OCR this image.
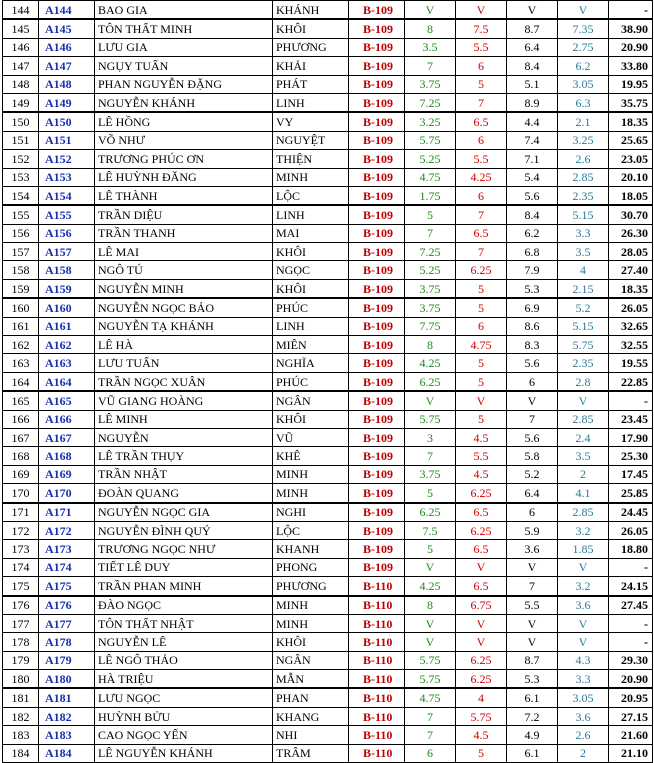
144	A144	BAO GIA	KHÁNH	B-109	V	V	V	V	-
145	A145	TÔN THẤT MINH	KHÔI	B-109	8	7.5	8.7	7.35	38.90
146	A146	LƯU GIA	PHƯƠNG	B-109	3.5	5.5	6.4	2.75	20.90
147	A147	NGỤY TUẤN	KHẢI	B-109	7	6	8.4	6.2	33.80
148	A148	PHAN NGUYỄN ĐẶNG	PHÁT	B-109	3.75	5	5.1	3.05	19.95
149	A149	NGUYỄN KHÁNH	LINH	B-109	7.25	7	8.9	6.3	35.75
150	A150	LÊ HỒNG	VY	B-109	3.25	6.5	4.4	2.1	18.35
151	A151	VÕ NHƯ	NGUYỆT	B-109	5.75	6	7.4	3.25	25.65
152	A152	TRƯƠNG PHÚC ƠN	THIỆN	B-109	5.25	5.5	7.1	2.6	23.05
153	A153	LÊ HUỲNH ĐĂNG	MINH	B-109	4.75	4.25	5.4	2.85	20.10
154	A154	LÊ THÀNH	LỘC	B-109	1.75	6	5.6	2.35	18.05
155	A155	TRẦN DIỆU	LINH	B-109	5	7	8.4	5.15	30.70
156	A156	TRẦN THANH	MAI	B-109	7	6.5	6.2	3.3	26.30
157	A157	LÊ MAI	KHÔI	B-109	7.25	7	6.8	3.5	28.05
158	A158	NGÔ TÚ	NGỌC	B-109	5.25	6.25	7.9	4	27.40
159	A159	NGUYỄN MINH	KHÔI	B-109	3.75	5	5.3	2.15	18.35
160	A160	NGUYỄN NGỌC BẢO	PHÚC	B-109	3.75	5	6.9	5.2	26.05
161	A161	NGUYỄN TẠ KHÁNH	LINH	B-109	7.75	6	8.6	5.15	32.65
162	A162	LÊ HÀ	MIÊN	B-109	8	4.75	8.3	5.75	32.55
163	A163	LƯU TUẤN	NGHĨA	B-109	4.25	5	5.6	2.35	19.55
164	A164	TRẦN NGỌC XUÂN	PHÚC	B-109	6.25	5	6	2.8	22.85
165	A165	VŨ GIANG HOÀNG	NGÂN	B-109	V	V	V	V	-
166	A166	LÊ MINH	KHÔI	B-109	5.75	5	7	2.85	23.45
167	A167	NGUYỄN	VŨ	B-109	3	4.5	5.6	2.4	17.90
168	A168	LÊ TRẦN THỤY	KHÊ	B-109	7	5.5	5.8	3.5	25.30
169	A169	TRẦN NHẬT	MINH	B-109	3.75	4.5	5.2	2	17.45
170	A170	ĐOÀN QUANG	MINH	B-109	5	6.25	6.4	4.1	25.85
171	A171	NGUYỄN NGỌC GIA	NGHI	B-109	6.25	6.5	6	2.85	24.45
172	A172	NGUYỄN ĐÌNH QUÝ	LỘC	B-109	7.5	6.25	5.9	3.2	26.05
173	A173	TRƯƠNG NGỌC NHƯ	KHANH	B-109	5	6.5	3.6	1.85	18.80
174	A174	TIẾT LÊ DUY	PHONG	B-109	V	V	V	V	-
175	A175	TRẦN PHAN MINH	PHƯƠNG	B-110	4.25	6.5	7	3.2	24.15
176	A176	ĐÀO NGỌC	MINH	B-110	8	6.75	5.5	3.6	27.45
177	A177	TÔN THẤT NHẬT	MINH	B-110	V	V	V	V	-
178	A178	NGUYỄN LÊ	KHÔI	B-110	V	V	V	V	-
179	A179	LÊ NGÔ THẢO	NGÂN	B-110	5.75	6.25	8.7	4.3	29.30
180	A180	HÀ TRIỆU	MẪN	B-110	5.75	6.25	5.3	3.3	20.90
181	A181	LƯU NGỌC	PHAN	B-110	4.75	4	6.1	3.05	20.95
182	A182	HUỲNH BỬU	KHANG	B-110	7	5.75	7.2	3.6	27.15
183	A183	CAO NGỌC YẾN	NHI	B-110	7	4.5	4.9	2.6	21.60
184	A184	LÊ NGUYỄN KHÁNH	TRÂM	B-110	6	5	6.1	2	21.10
